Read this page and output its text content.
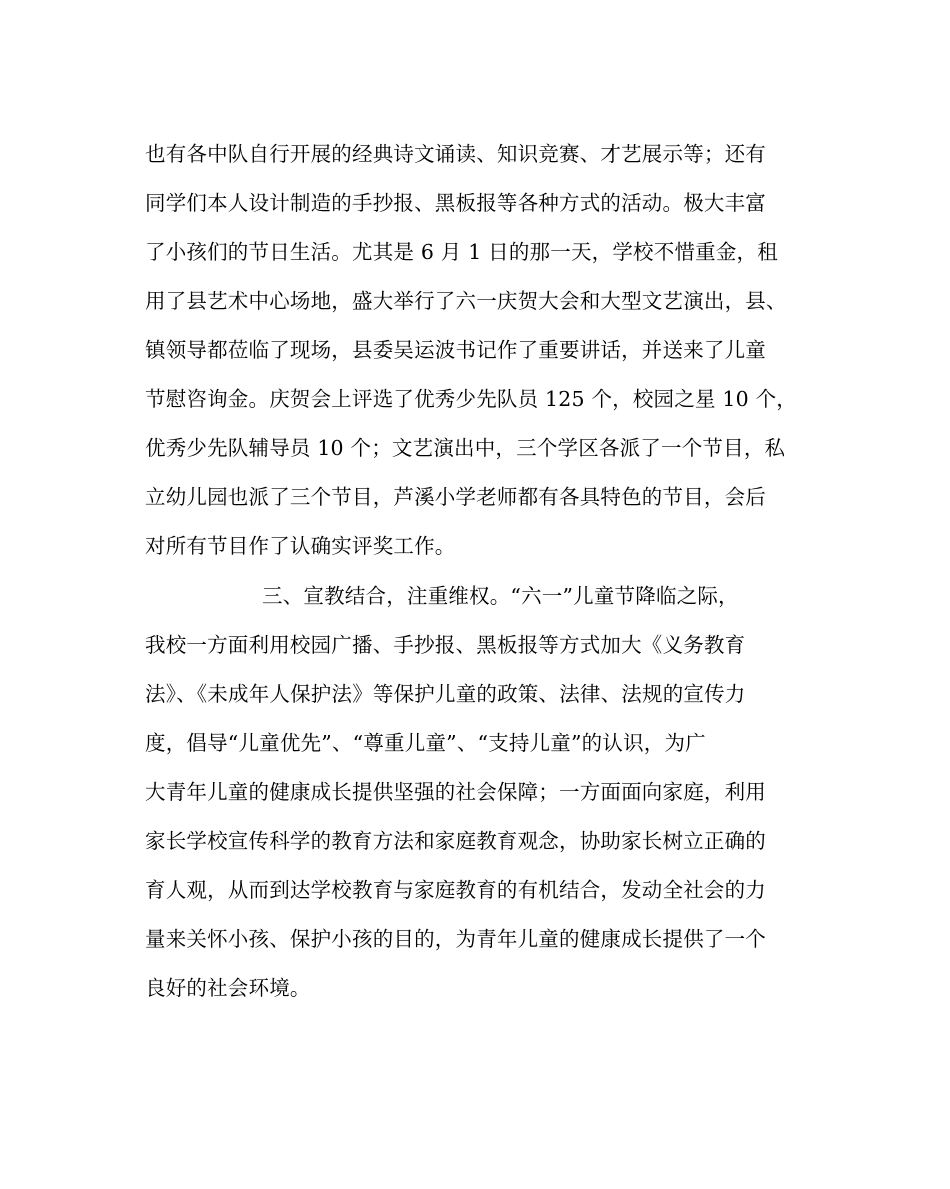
也有各中队自行开展的经典诗文诵读、知识竞赛、才艺展示等；还有
同学们本人设计制造的手抄报、黑板报等各种方式的活动。极大丰富
了小孩们的节日生活。尤其是 6 月 1 日的那一天，学校不惜重金，租
用了县艺术中心场地，盛大举行了六一庆贺大会和大型文艺演出，县、
镇领导都莅临了现场，县委吴运波书记作了重要讲话，并送来了儿童
节慰咨询金。庆贺会上评选了优秀少先队员 125 个，校园之星 10 个，
优秀少先队辅导员 10 个；文艺演出中，三个学区各派了一个节目，私
立幼儿园也派了三个节目，芦溪小学老师都有各具特色的节目，会后
对所有节目作了认确实评奖工作。
三、宣教结合，注重维权。“六一”儿童节降临之际，
我校一方面利用校园广播、手抄报、黑板报等方式加大《义务教育
法》、《未成年人保护法》等保护儿童的政策、法律、法规的宣传力
度，倡导“儿童优先”、“尊重儿童”、“支持儿童”的认识，为广
大青年儿童的健康成长提供坚强的社会保障；一方面面向家庭，利用
家长学校宣传科学的教育方法和家庭教育观念，协助家长树立正确的
育人观，从而到达学校教育与家庭教育的有机结合，发动全社会的力
量来关怀小孩、保护小孩的目的，为青年儿童的健康成长提供了一个
良好的社会环境。
